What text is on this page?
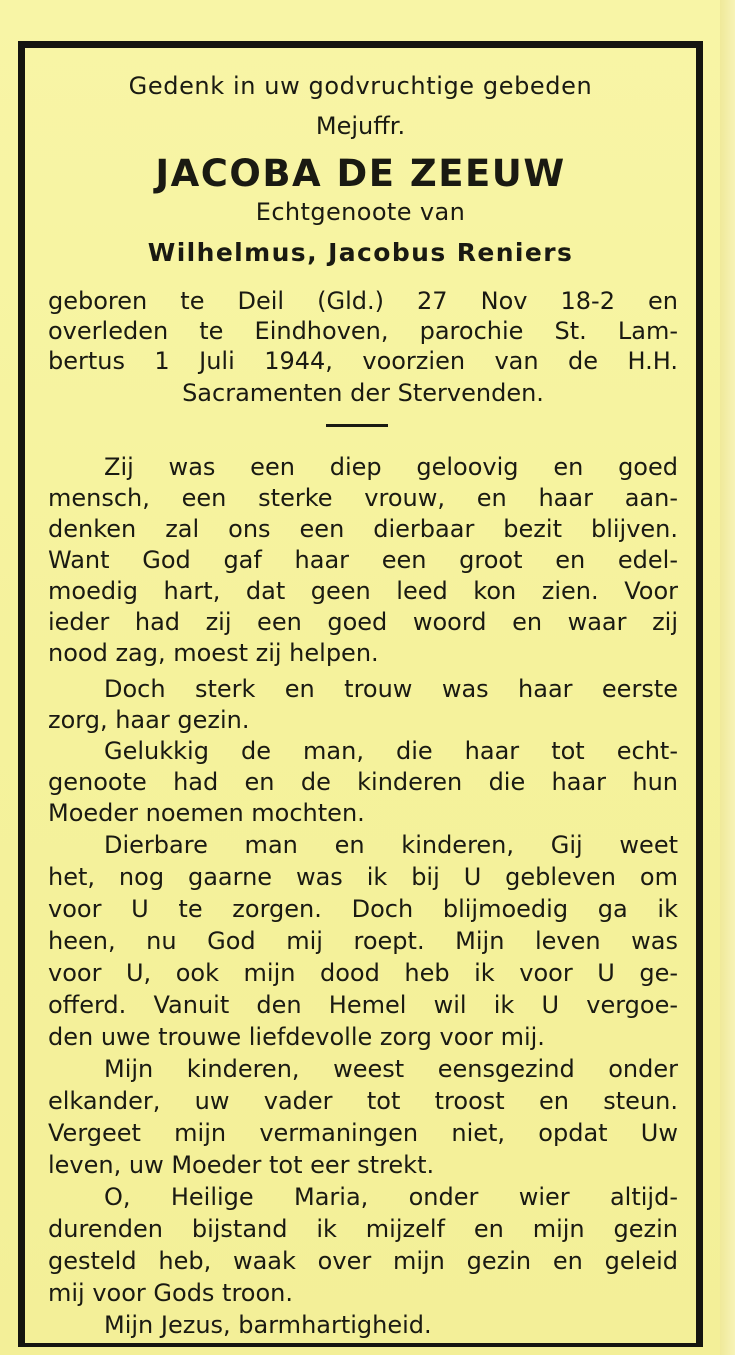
Gedenk in uw godvruchtige gebeden
Mejuffr.
JACOBA DE ZEEUW
Echtgenoote van
Wilhelmus, Jacobus Reniers
geboren te Deil (Gld.) 27 Nov 18-2 en
overleden te Eindhoven, parochie St. Lam-
bertus 1 Juli 1944, voorzien van de H.H.
Sacramenten der Stervenden.
Zij was een diep geloovig en goed
mensch, een sterke vrouw, en haar aan-
denken zal ons een dierbaar bezit blijven.
Want God gaf haar een groot en edel-
moedig hart, dat geen leed kon zien. Voor
ieder had zij een goed woord en waar zij
nood zag, moest zij helpen.
Doch sterk en trouw was haar eerste
zorg, haar gezin.
Gelukkig de man, die haar tot echt-
genoote had en de kinderen die haar hun
Moeder noemen mochten.
Dierbare man en kinderen, Gij weet
het, nog gaarne was ik bij U gebleven om
voor U te zorgen. Doch blijmoedig ga ik
heen, nu God mij roept. Mijn leven was
voor U, ook mijn dood heb ik voor U ge-
offerd. Vanuit den Hemel wil ik U vergoe-
den uwe trouwe liefdevolle zorg voor mij.
Mijn kinderen, weest eensgezind onder
elkander, uw vader tot troost en steun.
Vergeet mijn vermaningen niet, opdat Uw
leven, uw Moeder tot eer strekt.
O, Heilige Maria, onder wier altijd-
durenden bijstand ik mijzelf en mijn gezin
gesteld heb, waak over mijn gezin en geleid
mij voor Gods troon.
Mijn Jezus, barmhartigheid.
